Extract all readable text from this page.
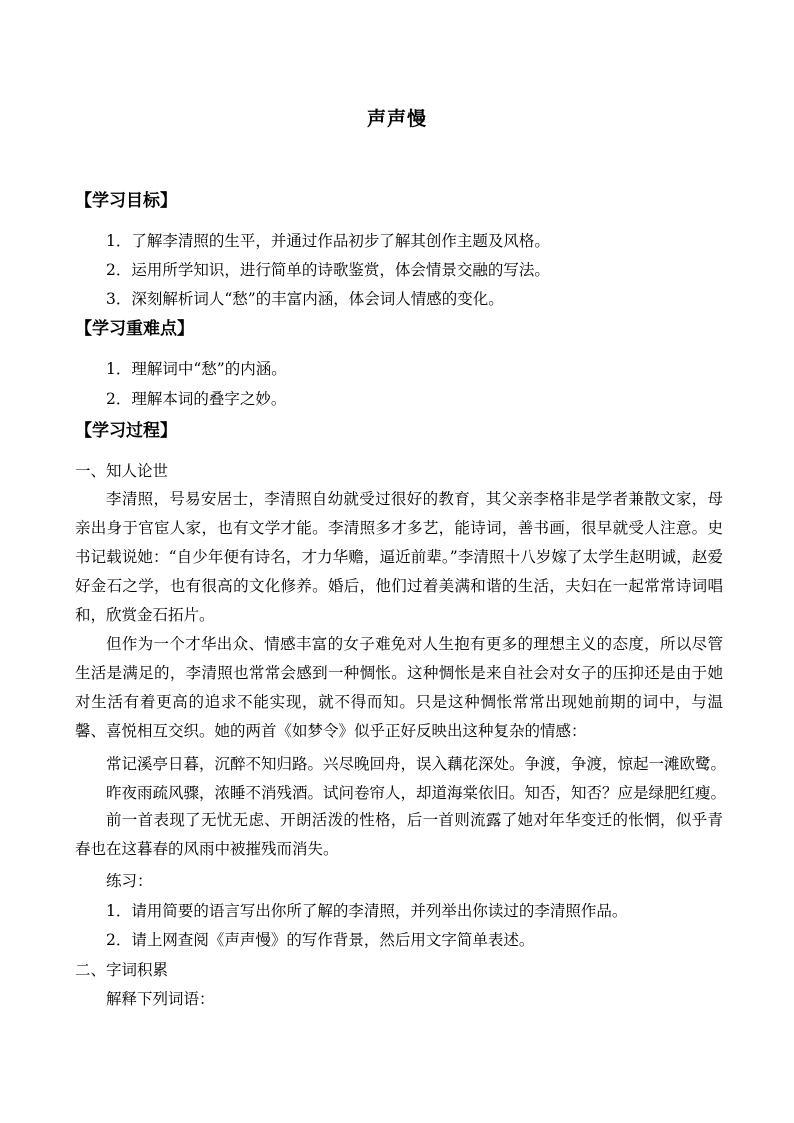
声声慢
【学习目标】
1．了解李清照的生平，并通过作品初步了解其创作主题及风格。
2．运用所学知识，进行简单的诗歌鉴赏，体会情景交融的写法。
3．深刻解析词人“愁”的丰富内涵，体会词人情感的变化。
【学习重难点】
1．理解词中“愁”的内涵。
2．理解本词的叠字之妙。
【学习过程】
一、知人论世
李清照，号易安居士，李清照自幼就受过很好的教育，其父亲李格非是学者兼散文家，母亲出身于官宦人家，也有文学才能。李清照多才多艺，能诗词，善书画，很早就受人注意。史书记载说她：“自少年便有诗名，才力华赡，逼近前辈。”李清照十八岁嫁了太学生赵明诚，赵爱好金石之学，也有很高的文化修养。婚后，他们过着美满和谐的生活，夫妇在一起常常诗词唱和，欣赏金石拓片。
但作为一个才华出众、情感丰富的女子难免对人生抱有更多的理想主义的态度，所以尽管生活是满足的，李清照也常常会感到一种惆怅。这种惆怅是来自社会对女子的压抑还是由于她对生活有着更高的追求不能实现，就不得而知。只是这种惆怅常常出现她前期的词中，与温馨、喜悦相互交织。她的两首《如梦令》似乎正好反映出这种复杂的情感：
常记溪亭日暮，沉醉不知归路。兴尽晚回舟，误入藕花深处。争渡，争渡，惊起一滩欧鹭。
昨夜雨疏风骤，浓睡不消残酒。试问卷帘人，却道海棠依旧。知否，知否？应是绿肥红瘦。
前一首表现了无忧无虑、开朗活泼的性格，后一首则流露了她对年华变迁的怅惘，似乎青春也在这暮春的风雨中被摧残而消失。
练习：
1．请用简要的语言写出你所了解的李清照，并列举出你读过的李清照作品。
2．请上网查阅《声声慢》的写作背景，然后用文字简单表述。
二、字词积累
解释下列词语：
